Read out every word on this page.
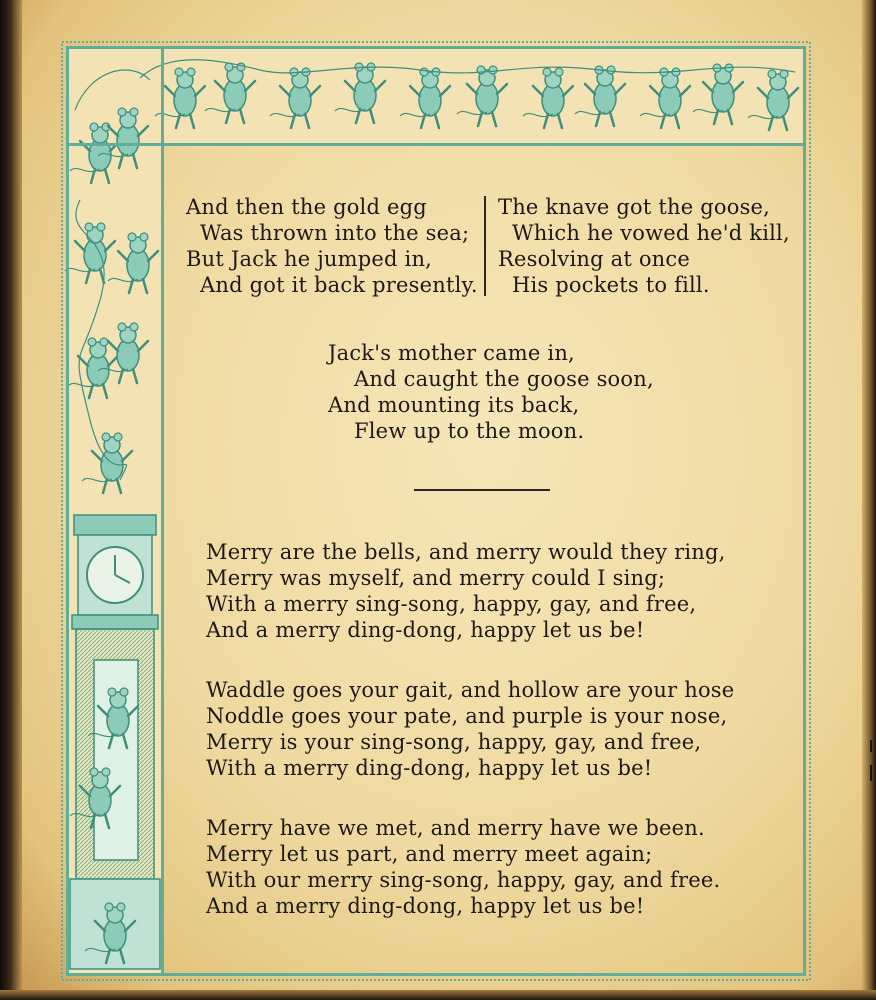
And then the gold egg
Was thrown into the sea;
But Jack he jumped in,
And got it back presently.
The knave got the goose,
Which he vowed he'd kill,
Resolving at once
His pockets to fill.
Jack's mother came in,
And caught the goose soon,
And mounting its back,
Flew up to the moon.
Merry are the bells, and merry would they ring,
Merry was myself, and merry could I sing;
With a merry sing-song, happy, gay, and free,
And a merry ding-dong, happy let us be!
Waddle goes your gait, and hollow are your hose
Noddle goes your pate, and purple is your nose,
Merry is your sing-song, happy, gay, and free,
With a merry ding-dong, happy let us be!
Merry have we met, and merry have we been.
Merry let us part, and merry meet again;
With our merry sing-song, happy, gay, and free.
And a merry ding-dong, happy let us be!
